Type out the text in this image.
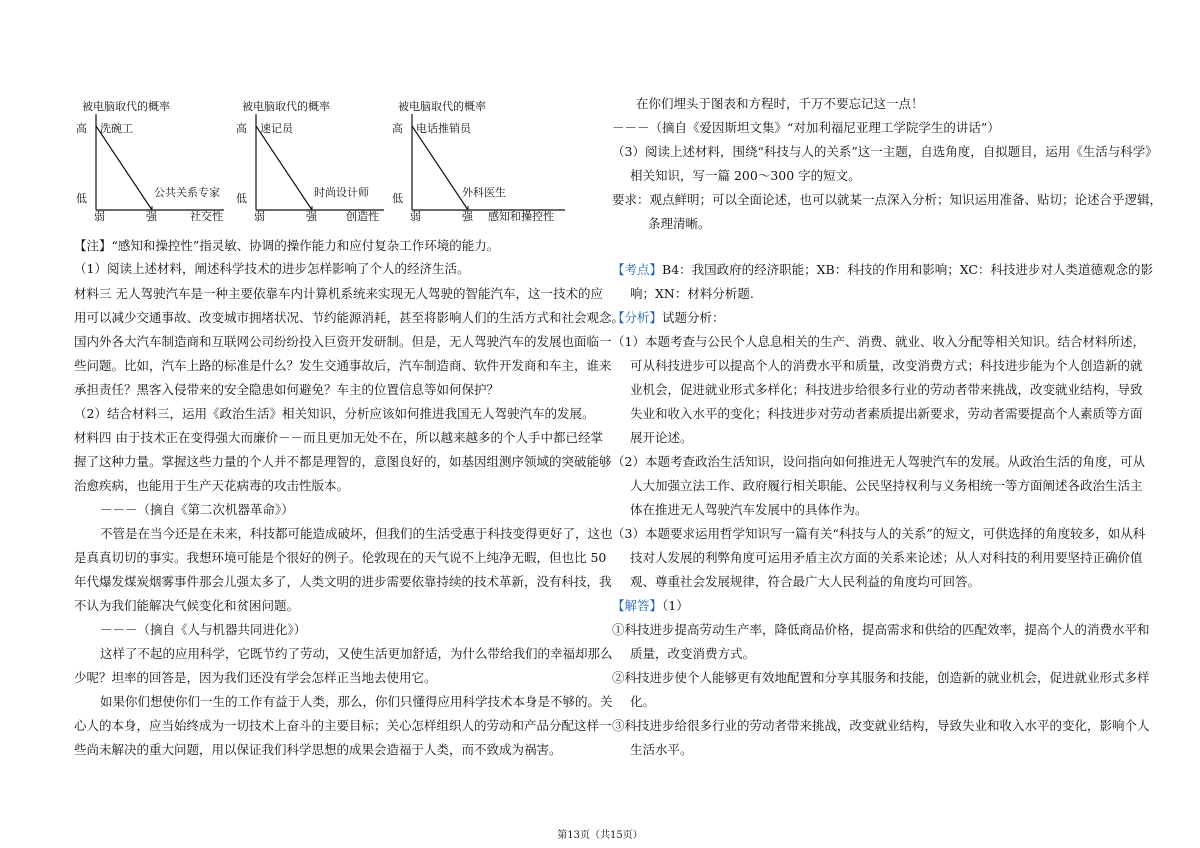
被电脑取代的概率
高
低
洗碗工
公共关系专家
弱	强	社交性
被电脑取代的概率
高
低
速记员
时尚设计师
弱	强	创造性
被电脑取代的概率
高
低
电话推销员
外科医生
弱	强 感知和操控性
【注】“感知和操控性”指灵敏、协调的操作能力和应付复杂工作环境的能力。
（1）阅读上述材料，阐述科学技术的进步怎样影响了个人的经济生活。
材料三 无人驾驶汽车是一种主要依靠车内计算机系统来实现无人驾驶的智能汽车，这一技术的应
用可以减少交通事故、改变城市拥堵状况、节约能源消耗，甚至将影响人们的生活方式和社会观念。
国内外各大汽车制造商和互联网公司纷纷投入巨资开发研制。但是，无人驾驶汽车的发展也面临一
些问题。比如，汽车上路的标准是什么？发生交通事故后，汽车制造商、软件开发商和车主，谁来
承担责任？黑客入侵带来的安全隐患如何避免？车主的位置信息等如何保护？
（2）结合材料三，运用《政治生活》相关知识，分析应该如何推进我国无人驾驶汽车的发展。
材料四 由于技术正在变得强大而廉价－－而且更加无处不在，所以越来越多的个人手中都已经掌
握了这种力量。掌握这些力量的个人并不都是理智的，意图良好的，如基因组测序领域的突破能够
治愈疾病，也能用于生产天花病毒的攻击性版本。
－－－（摘自《第二次机器革命》）
不管是在当今还是在未来，科技都可能造成破坏，但我们的生活受惠于科技变得更好了，这也
是真真切切的事实。我想环境可能是个很好的例子。伦敦现在的天气说不上纯净无暇，但也比 50
年代爆发煤炭烟雾事件那会儿强太多了，人类文明的进步需要依靠持续的技术革新，没有科技，我
不认为我们能解决气候变化和贫困问题。
－－－（摘自《人与机器共同进化》）
这样了不起的应用科学，它既节约了劳动，又使生活更加舒适，为什么带给我们的幸福却那么
少呢？坦率的回答是，因为我们还没有学会怎样正当地去使用它。
如果你们想使你们一生的工作有益于人类，那么，你们只懂得应用科学技术本身是不够的。关
心人的本身，应当始终成为一切技术上奋斗的主要目标；关心怎样组织人的劳动和产品分配这样一
些尚未解决的重大问题，用以保证我们科学思想的成果会造福于人类，而不致成为祸害。
在你们埋头于图表和方程时，千万不要忘记这一点！
－－－（摘自《爱因斯坦文集》“对加利福尼亚理工学院学生的讲话”）
（3）阅读上述材料，围绕“科技与人的关系”这一主题，自选角度，自拟题目，运用《生活与科学》
相关知识，写一篇 200～300 字的短文。
要求：观点鲜明；可以全面论述，也可以就某一点深入分析；知识运用准备、贴切；论述合乎逻辑，
条理清晰。
【考点】B4：我国政府的经济职能；XB：科技的作用和影响；XC：科技进步对人类道德观念的影
响；XN：材料分析题.
【分析】试题分析：
（1）本题考查与公民个人息息相关的生产、消费、就业、收入分配等相关知识。结合材料所述，
可从科技进步可以提高个人的消费水平和质量，改变消费方式；科技进步能为个人创造新的就
业机会，促进就业形式多样化；科技进步给很多行业的劳动者带来挑战，改变就业结构，导致
失业和收入水平的变化；科技进步对劳动者素质提出新要求，劳动者需要提高个人素质等方面
展开论述。
（2）本题考查政治生活知识，设问指向如何推进无人驾驶汽车的发展。从政治生活的角度，可从
人大加强立法工作、政府履行相关职能、公民坚持权利与义务相统一等方面阐述各政治生活主
体在推进无人驾驶汽车发展中的具体作为。
（3）本题要求运用哲学知识写一篇有关“科技与人的关系”的短文，可供选择的角度较多，如从科
技对人发展的利弊角度可运用矛盾主次方面的关系来论述；从人对科技的利用要坚持正确价值
观、尊重社会发展规律，符合最广大人民利益的角度均可回答。
【解答】（1）
①科技进步提高劳动生产率，降低商品价格，提高需求和供给的匹配效率，提高个人的消费水平和
质量，改变消费方式。
②科技进步使个人能够更有效地配置和分享其服务和技能，创造新的就业机会，促进就业形式多样
化。
③科技进步给很多行业的劳动者带来挑战，改变就业结构，导致失业和收入水平的变化，影响个人
生活水平。
第13页（共15页）
